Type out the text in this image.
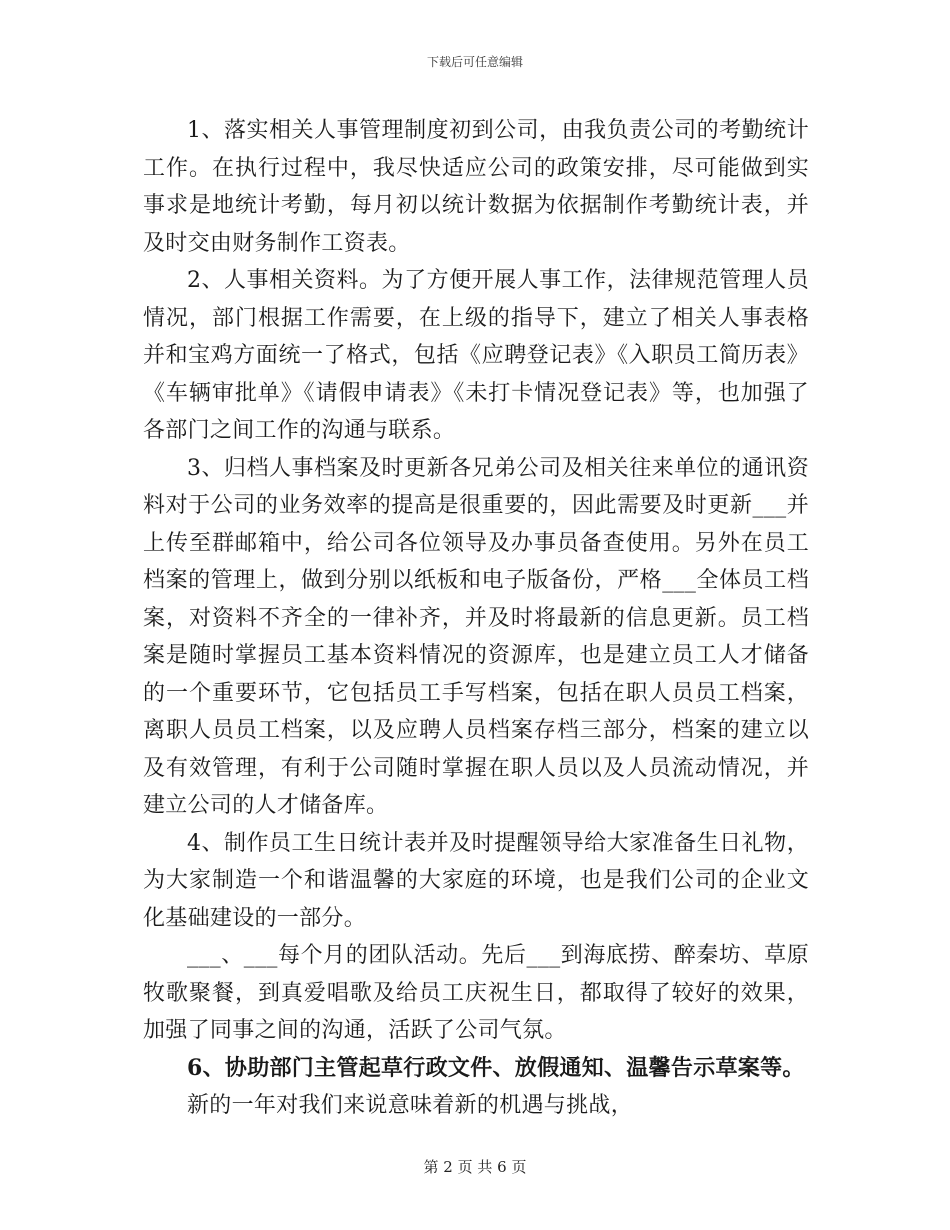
下载后可任意编辑

1、落实相关人事管理制度初到公司，由我负责公司的考勤统计工作。在执行过程中，我尽快适应公司的政策安排，尽可能做到实事求是地统计考勤，每月初以统计数据为依据制作考勤统计表，并及时交由财务制作工资表。

2、人事相关资料。为了方便开展人事工作，法律规范管理人员情况，部门根据工作需要，在上级的指导下，建立了相关人事表格并和宝鸡方面统一了格式，包括《应聘登记表》《入职员工简历表》《车辆审批单》《请假申请表》《未打卡情况登记表》等，也加强了各部门之间工作的沟通与联系。

3、归档人事档案及时更新各兄弟公司及相关往来单位的通讯资料对于公司的业务效率的提高是很重要的，因此需要及时更新___并上传至群邮箱中，给公司各位领导及办事员备查使用。另外在员工档案的管理上，做到分别以纸板和电子版备份，严格___全体员工档案，对资料不齐全的一律补齐，并及时将最新的信息更新。员工档案是随时掌握员工基本资料情况的资源库，也是建立员工人才储备的一个重要环节，它包括员工手写档案，包括在职人员员工档案，离职人员员工档案，以及应聘人员档案存档三部分，档案的建立以及有效管理，有利于公司随时掌握在职人员以及人员流动情况，并建立公司的人才储备库。

4、制作员工生日统计表并及时提醒领导给大家准备生日礼物，为大家制造一个和谐温馨的大家庭的环境，也是我们公司的企业文化基础建设的一部分。

___、___每个月的团队活动。先后___到海底捞、醉秦坊、草原牧歌聚餐，到真爱唱歌及给员工庆祝生日，都取得了较好的效果，加强了同事之间的沟通，活跃了公司气氛。

6、协助部门主管起草行政文件、放假通知、温馨告示草案等。

新的一年对我们来说意味着新的机遇与挑战，

第 2 页 共 6 页
